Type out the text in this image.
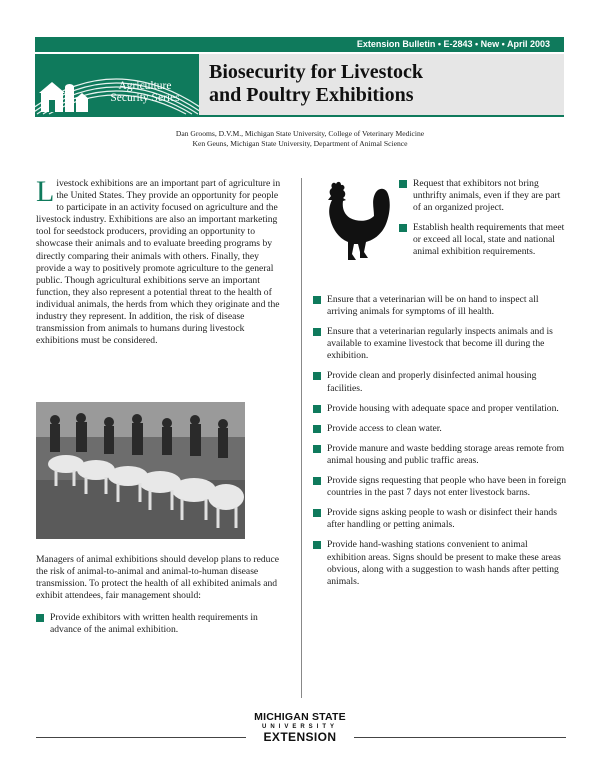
Extension Bulletin • E-2843 • New • April 2003
Agriculture
Security Series
Biosecurity for Livestock
and Poultry Exhibitions
Dan Grooms, D.V.M., Michigan State University, College of Veterinary Medicine
Ken Geuns, Michigan State University, Department of Animal Science

Livestock exhibitions are an important part of agriculture in the United States. They provide an opportunity for people to participate in an activity focused on agriculture and the livestock industry. Exhibitions are also an important marketing tool for seedstock producers, providing an opportunity to showcase their animals and to evaluate breeding programs by directly comparing their animals with others. Finally, they provide a way to positively promote agriculture to the general public. Though agricultural exhibitions serve an important function, they also represent a potential threat to the health of individual animals, the herds from which they originate and the industry they represent. In addition, the risk of disease transmission from animals to humans during livestock exhibitions must be considered.

Managers of animal exhibitions should develop plans to reduce the risk of animal-to-animal and animal-to-human disease transmission. To protect the health of all exhibited animals and exhibit attendees, fair management should:

Provide exhibitors with written health requirements in advance of the animal exhibition.
Request that exhibitors not bring unthrifty animals, even if they are part of an organized project.
Establish health requirements that meet or exceed all local, state and national animal exhibition requirements.
Ensure that a veterinarian will be on hand to inspect all arriving animals for symptoms of ill health.
Ensure that a veterinarian regularly inspects animals and is available to examine livestock that become ill during the exhibition.
Provide clean and properly disinfected animal housing facilities.
Provide housing with adequate space and proper ventilation.
Provide access to clean water.
Provide manure and waste bedding storage areas remote from animal housing and public traffic areas.
Provide signs requesting that people who have been in foreign countries in the past 7 days not enter livestock barns.
Provide signs asking people to wash or disinfect their hands after handling or petting animals.
Provide hand-washing stations convenient to animal exhibition areas. Signs should be present to make these areas obvious, along with a suggestion to wash hands after petting animals.
MICHIGAN STATE
UNIVERSITY
EXTENSION
